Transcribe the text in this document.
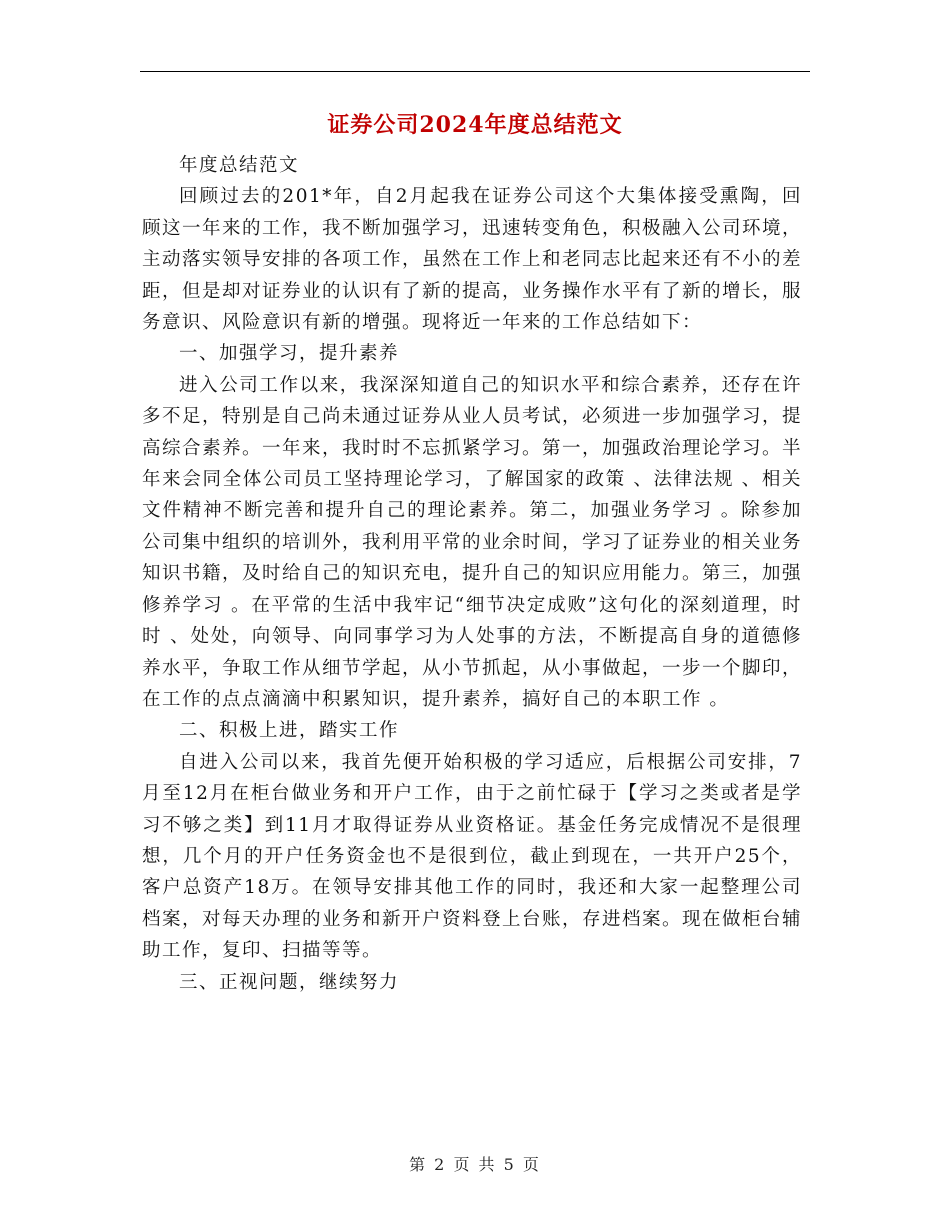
证券公司2024年度总结范文

年度总结范文

回顾过去的201*年，自2月起我在证券公司这个大集体接受熏陶，回顾这一年来的工作，我不断加强学习，迅速转变角色，积极融入公司环境，主动落实领导安排的各项工作，虽然在工作上和老同志比起来还有不小的差距，但是却对证券业的认识有了新的提高，业务操作水平有了新的增长，服务意识、风险意识有新的增强。现将近一年来的工作总结如下：

一、加强学习，提升素养

进入公司工作以来，我深深知道自己的知识水平和综合素养，还存在许多不足，特别是自己尚未通过证券从业人员考试，必须进一步加强学习，提高综合素养。一年来，我时时不忘抓紧学习。第一，加强政治理论学习。半年来会同全体公司员工坚持理论学习，了解国家的政策 、法律法规 、相关文件精神不断完善和提升自己的理论素养。第二，加强业务学习 。除参加公司集中组织的培训外，我利用平常的业余时间，学习了证券业的相关业务知识书籍，及时给自己的知识充电，提升自己的知识应用能力。第三，加强修养学习 。在平常的生活中我牢记“细节决定成败”这句化的深刻道理，时时 、处处，向领导、向同事学习为人处事的方法，不断提高自身的道德修养水平，争取工作从细节学起，从小节抓起，从小事做起，一步一个脚印，在工作的点点滴滴中积累知识，提升素养，搞好自己的本职工作 。

二、积极上进，踏实工作

自进入公司以来，我首先便开始积极的学习适应，后根据公司安排，7月至12月在柜台做业务和开户工作，由于之前忙碌于【学习之类或者是学习不够之类】到11月才取得证券从业资格证。基金任务完成情况不是很理想，几个月的开户任务资金也不是很到位，截止到现在，一共开户25个，客户总资产18万。在领导安排其他工作的同时，我还和大家一起整理公司档案，对每天办理的业务和新开户资料登上台账，存进档案。现在做柜台辅助工作，复印、扫描等等。

三、正视问题，继续努力

第 2 页 共 5 页
